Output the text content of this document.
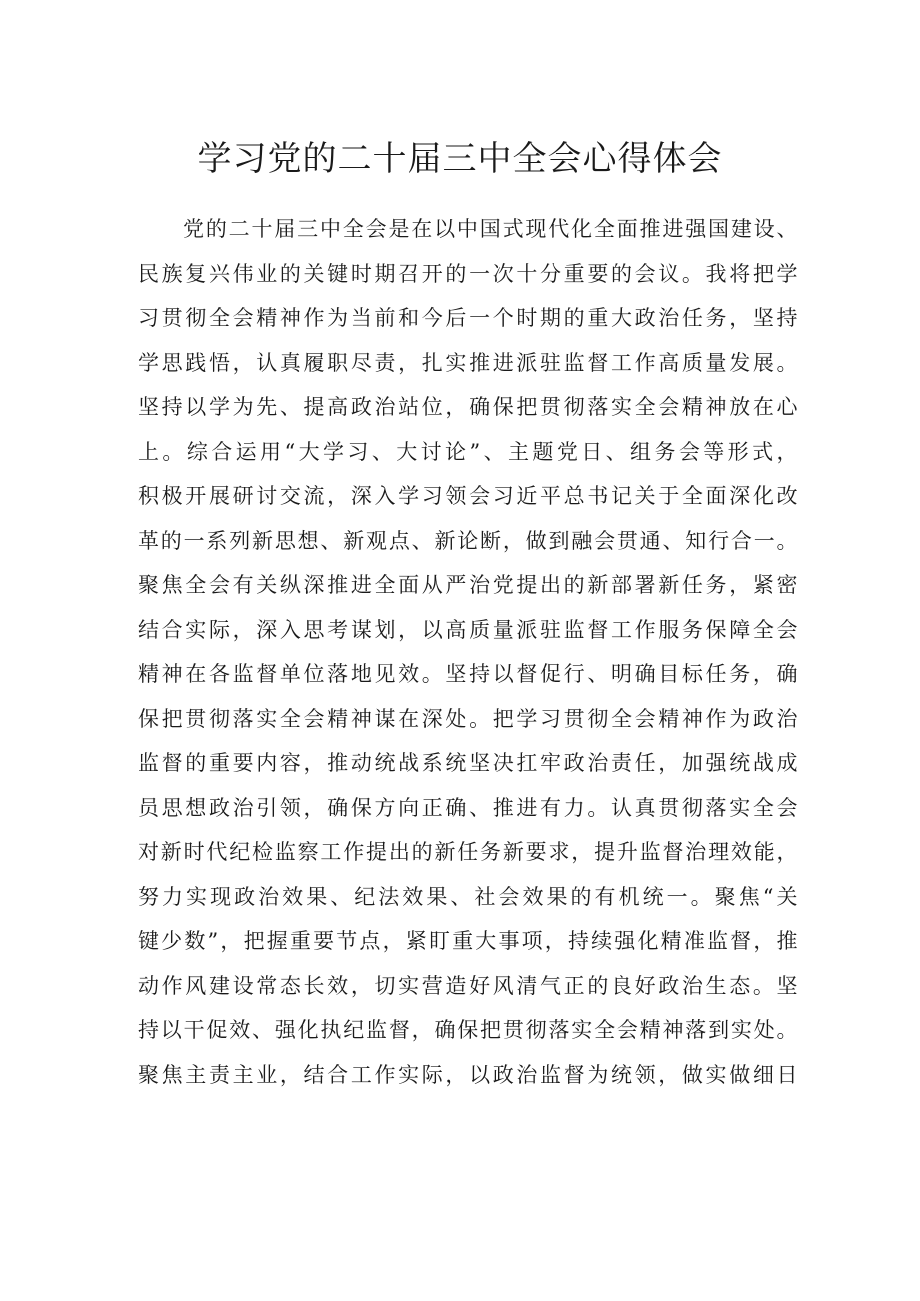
学习党的二十届三中全会心得体会
党的二十届三中全会是在以中国式现代化全面推进强国建设、
民族复兴伟业的关键时期召开的一次十分重要的会议。我将把学
习贯彻全会精神作为当前和今后一个时期的重大政治任务，坚持
学思践悟，认真履职尽责，扎实推进派驻监督工作高质量发展。
坚持以学为先、提高政治站位，确保把贯彻落实全会精神放在心
上。综合运用“大学习、大讨论”、主题党日、组务会等形式，
积极开展研讨交流，深入学习领会习近平总书记关于全面深化改
革的一系列新思想、新观点、新论断，做到融会贯通、知行合一。
聚焦全会有关纵深推进全面从严治党提出的新部署新任务，紧密
结合实际，深入思考谋划，以高质量派驻监督工作服务保障全会
精神在各监督单位落地见效。坚持以督促行、明确目标任务，确
保把贯彻落实全会精神谋在深处。把学习贯彻全会精神作为政治
监督的重要内容，推动统战系统坚决扛牢政治责任，加强统战成
员思想政治引领，确保方向正确、推进有力。认真贯彻落实全会
对新时代纪检监察工作提出的新任务新要求，提升监督治理效能，
努力实现政治效果、纪法效果、社会效果的有机统一。聚焦“关
键少数”，把握重要节点，紧盯重大事项，持续强化精准监督，推
动作风建设常态长效，切实营造好风清气正的良好政治生态。坚
持以干促效、强化执纪监督，确保把贯彻落实全会精神落到实处。
聚焦主责主业，结合工作实际，以政治监督为统领，做实做细日
